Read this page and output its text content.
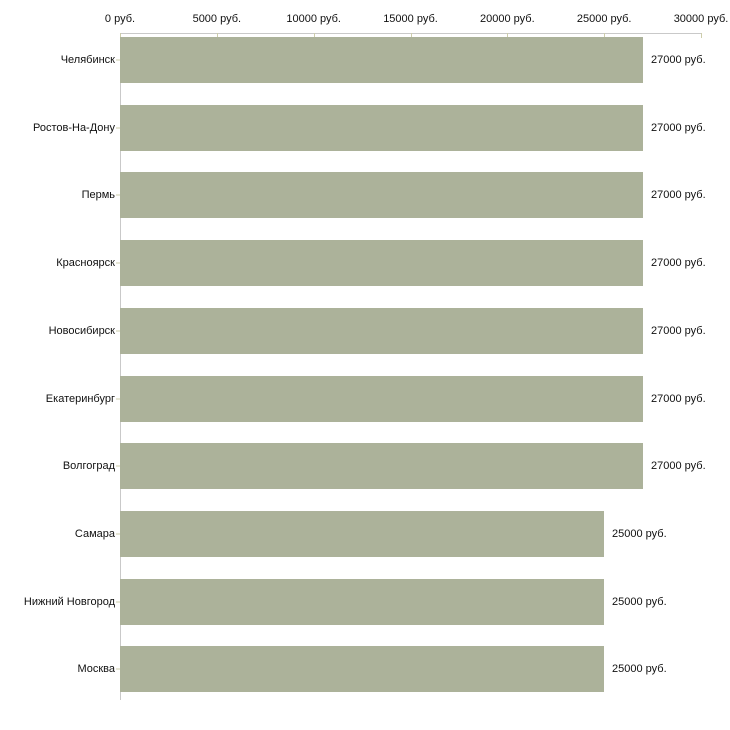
0 руб.	5000 руб.	10000 руб.	15000 руб.	20000 руб.	25000 руб.	30000 руб.
Челябинск	27000 руб.
Ростов-На-Дону	27000 руб.
Пермь	27000 руб.
Красноярск	27000 руб.
Новосибирск	27000 руб.
Екатеринбург	27000 руб.
Волгоград	27000 руб.
Самара	25000 руб.
Нижний Новгород	25000 руб.
Москва	25000 руб.
